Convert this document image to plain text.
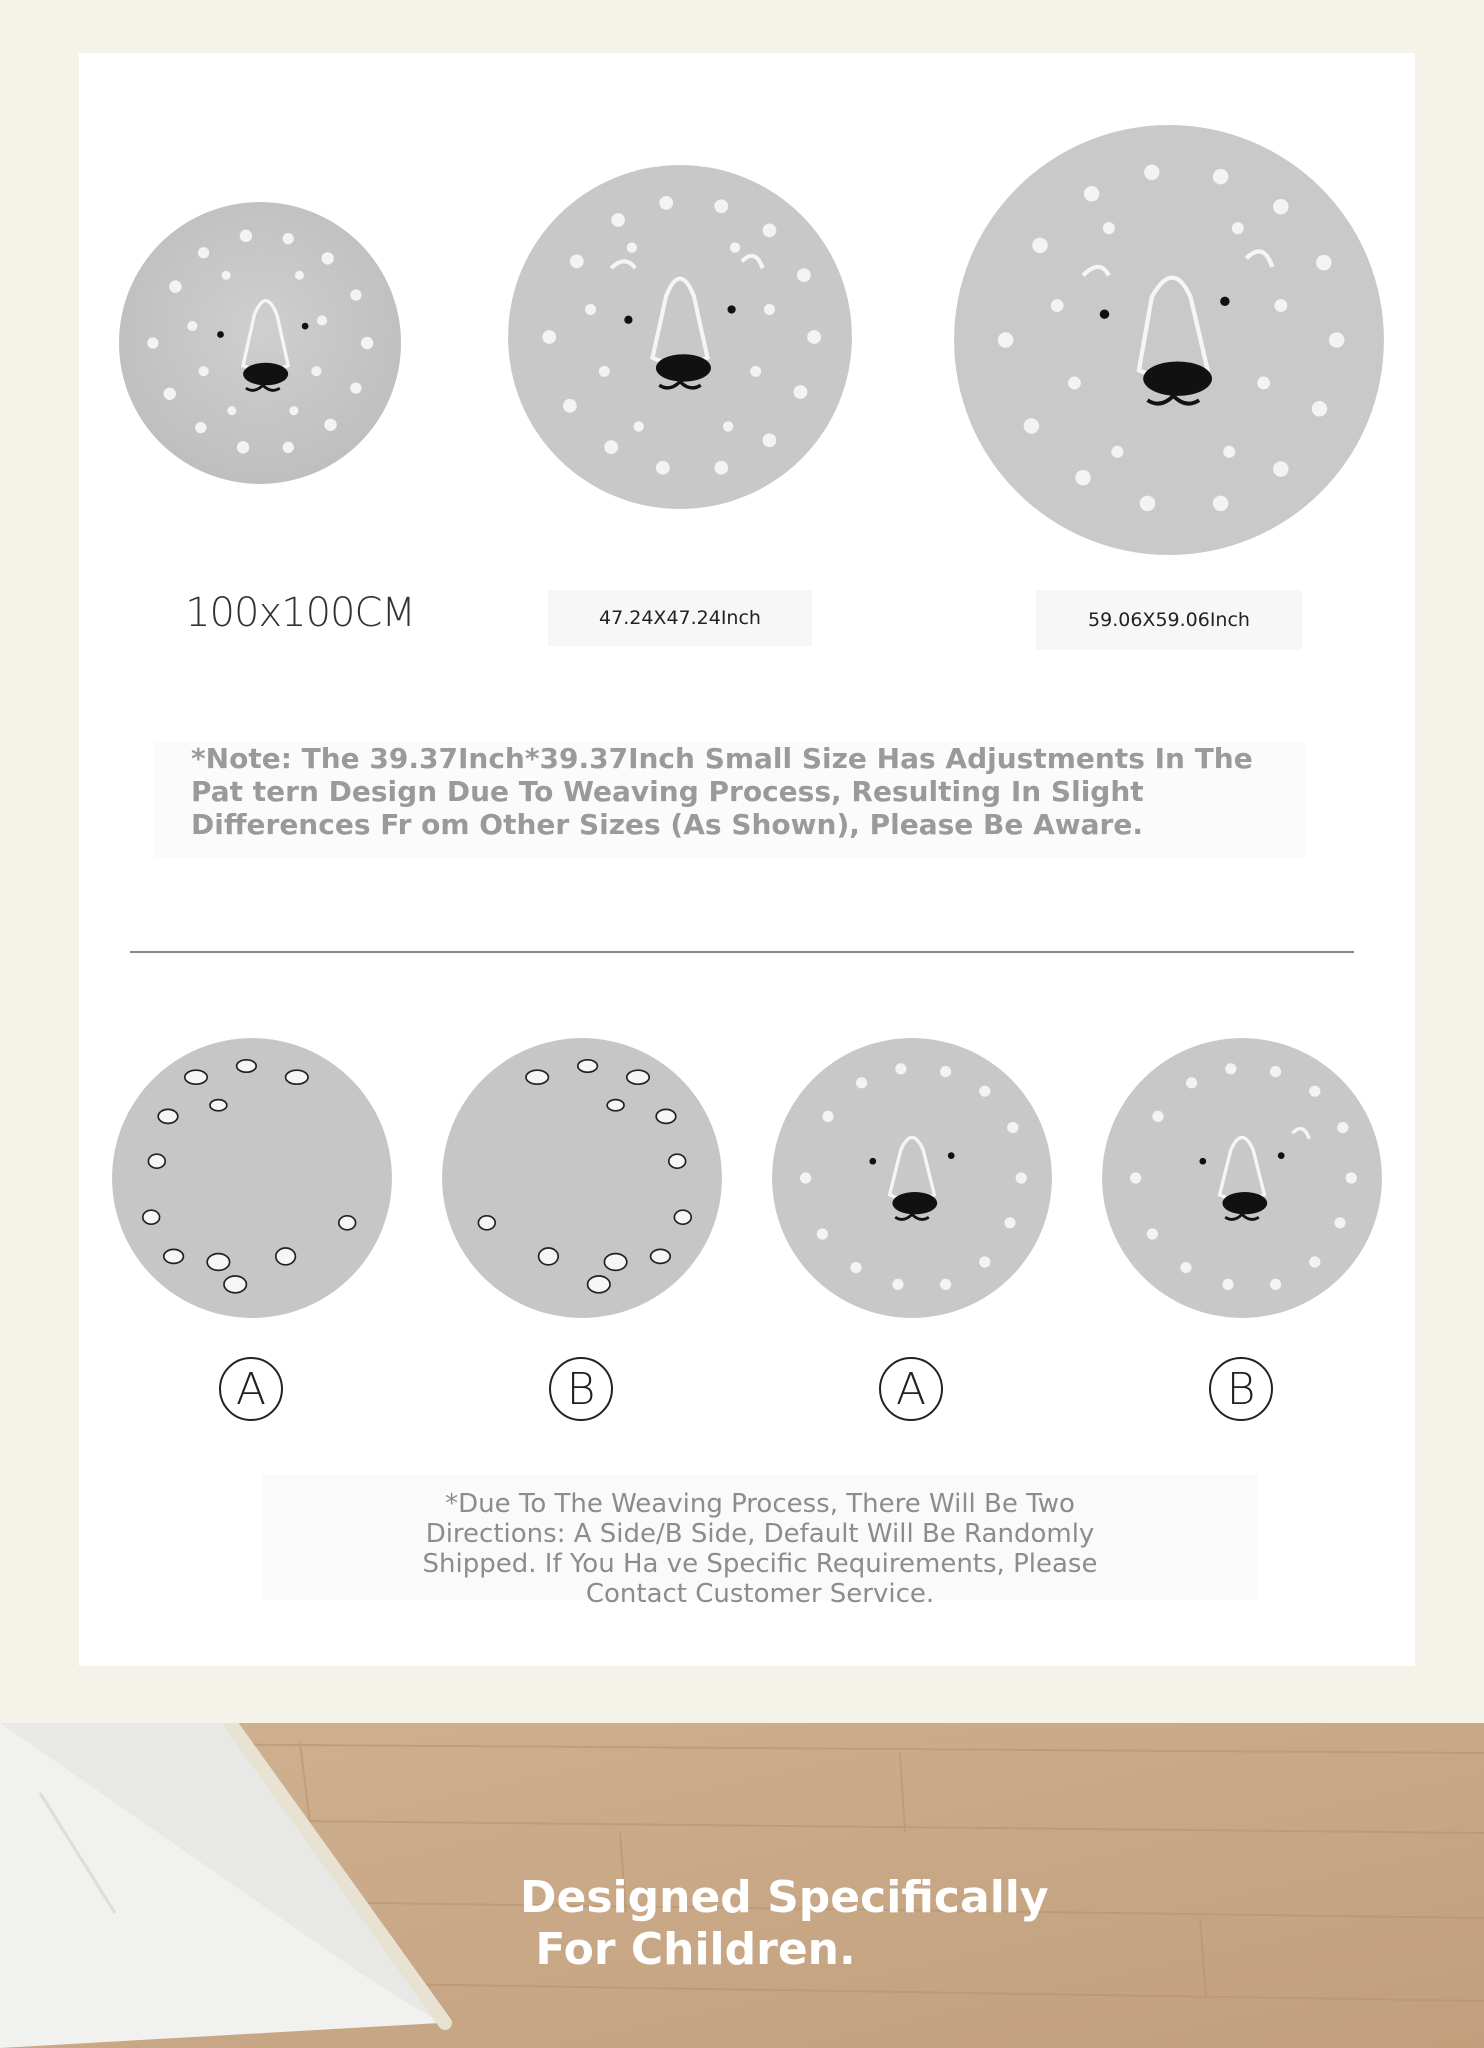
100x100CM	47.24X47.24Inch	59.06X59.06Inch

*Note: The 39.37Inch*39.37Inch Small Size Has Adjustments In The Pat tern Design Due To Weaving Process, Resulting In Slight Differences Fr om Other Sizes (As Shown), Please Be Aware.

A	B	A	B

*Due To The Weaving Process, There Will Be Two Directions: A Side/B Side, Default Will Be Randomly Shipped. If You Ha ve Specific Requirements, Please Contact Customer Service.

Designed Specifically
For Children.
